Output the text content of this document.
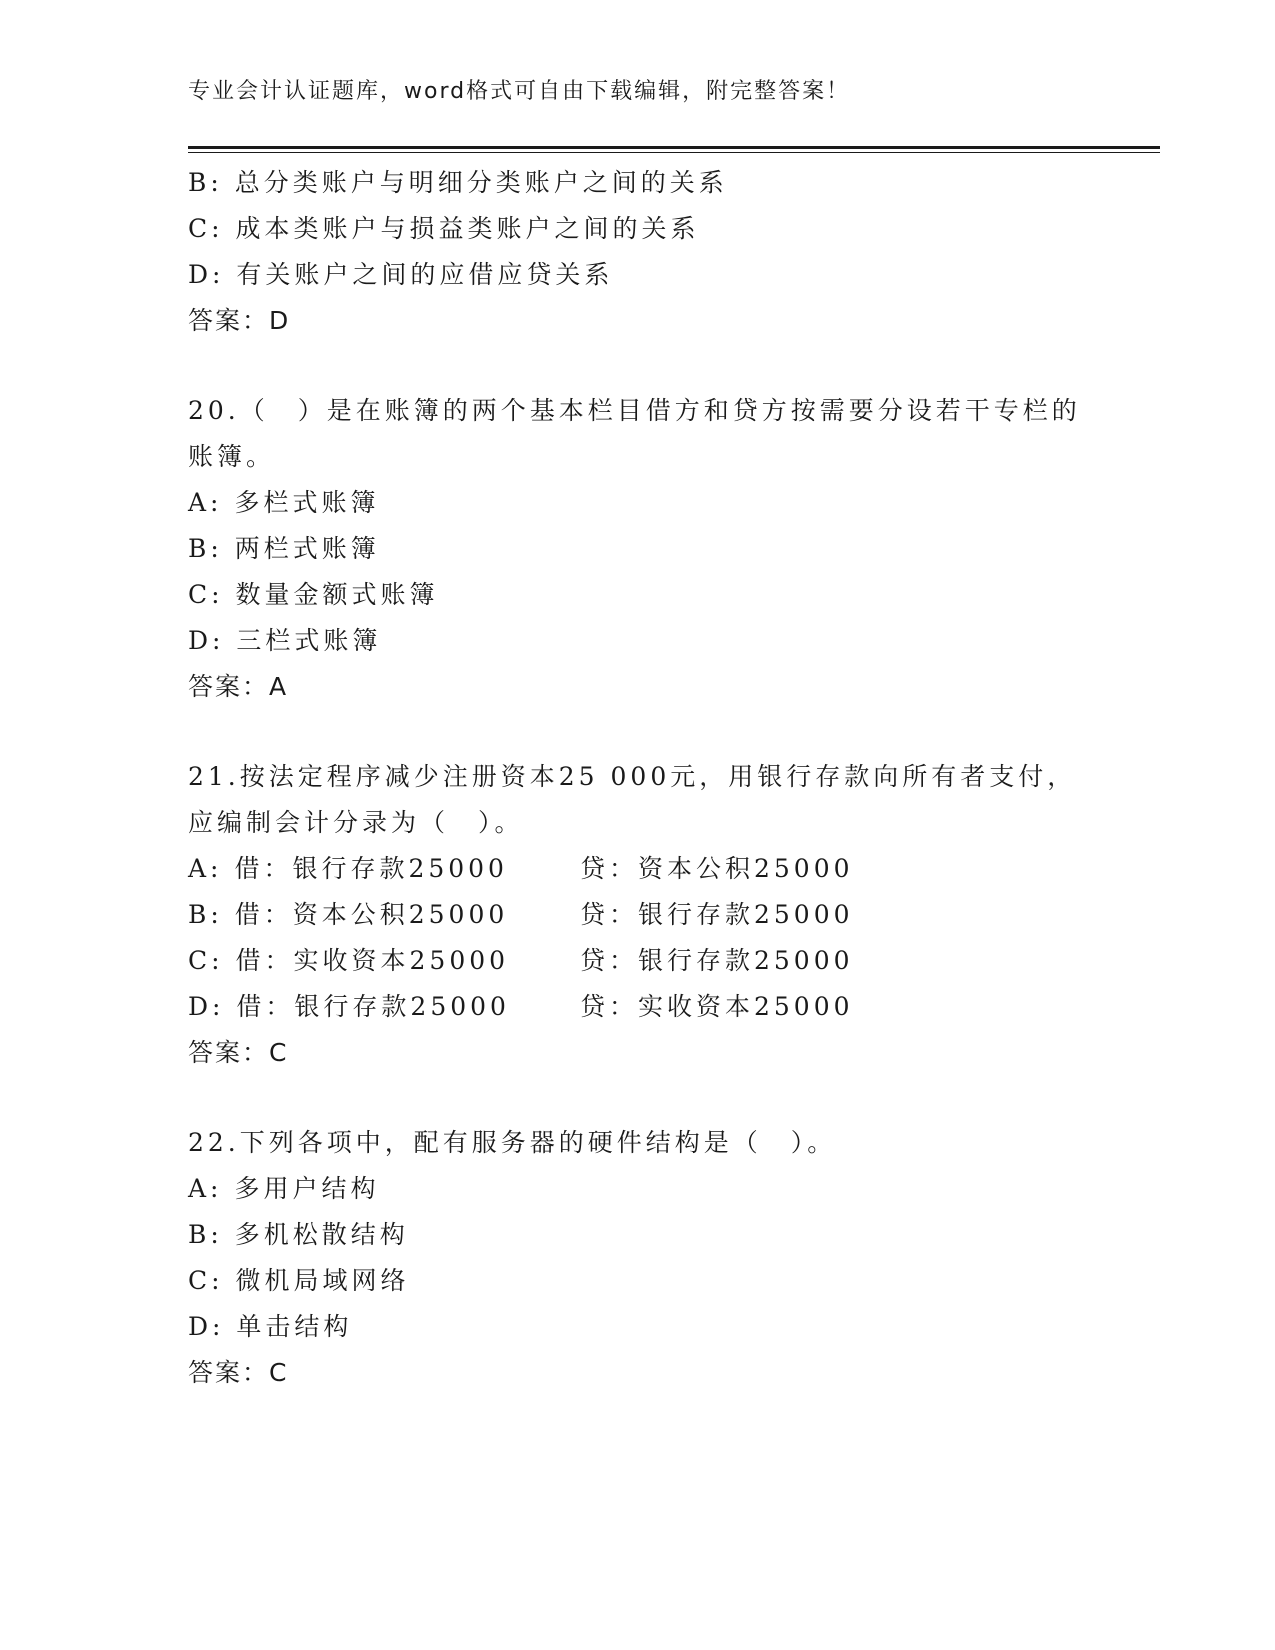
专业会计认证题库，word格式可自由下载编辑，附完整答案！
B: 总分类账户与明细分类账户之间的关系
C: 成本类账户与损益类账户之间的关系
D: 有关账户之间的应借应贷关系
答案：D
20.（　）是在账簿的两个基本栏目借方和贷方按需要分设若干专栏的
账簿。
A: 多栏式账簿
B: 两栏式账簿
C: 数量金额式账簿
D: 三栏式账簿
答案：A
21.按法定程序减少注册资本25 000元，用银行存款向所有者支付，
应编制会计分录为（　）。
A: 借：银行存款25000	贷：资本公积25000
B: 借：资本公积25000	贷：银行存款25000
C: 借：实收资本25000	贷：银行存款25000
D: 借：银行存款25000	贷：实收资本25000
答案：C
22.下列各项中，配有服务器的硬件结构是（　）。
A: 多用户结构
B: 多机松散结构
C: 微机局域网络
D: 单击结构
答案：C
